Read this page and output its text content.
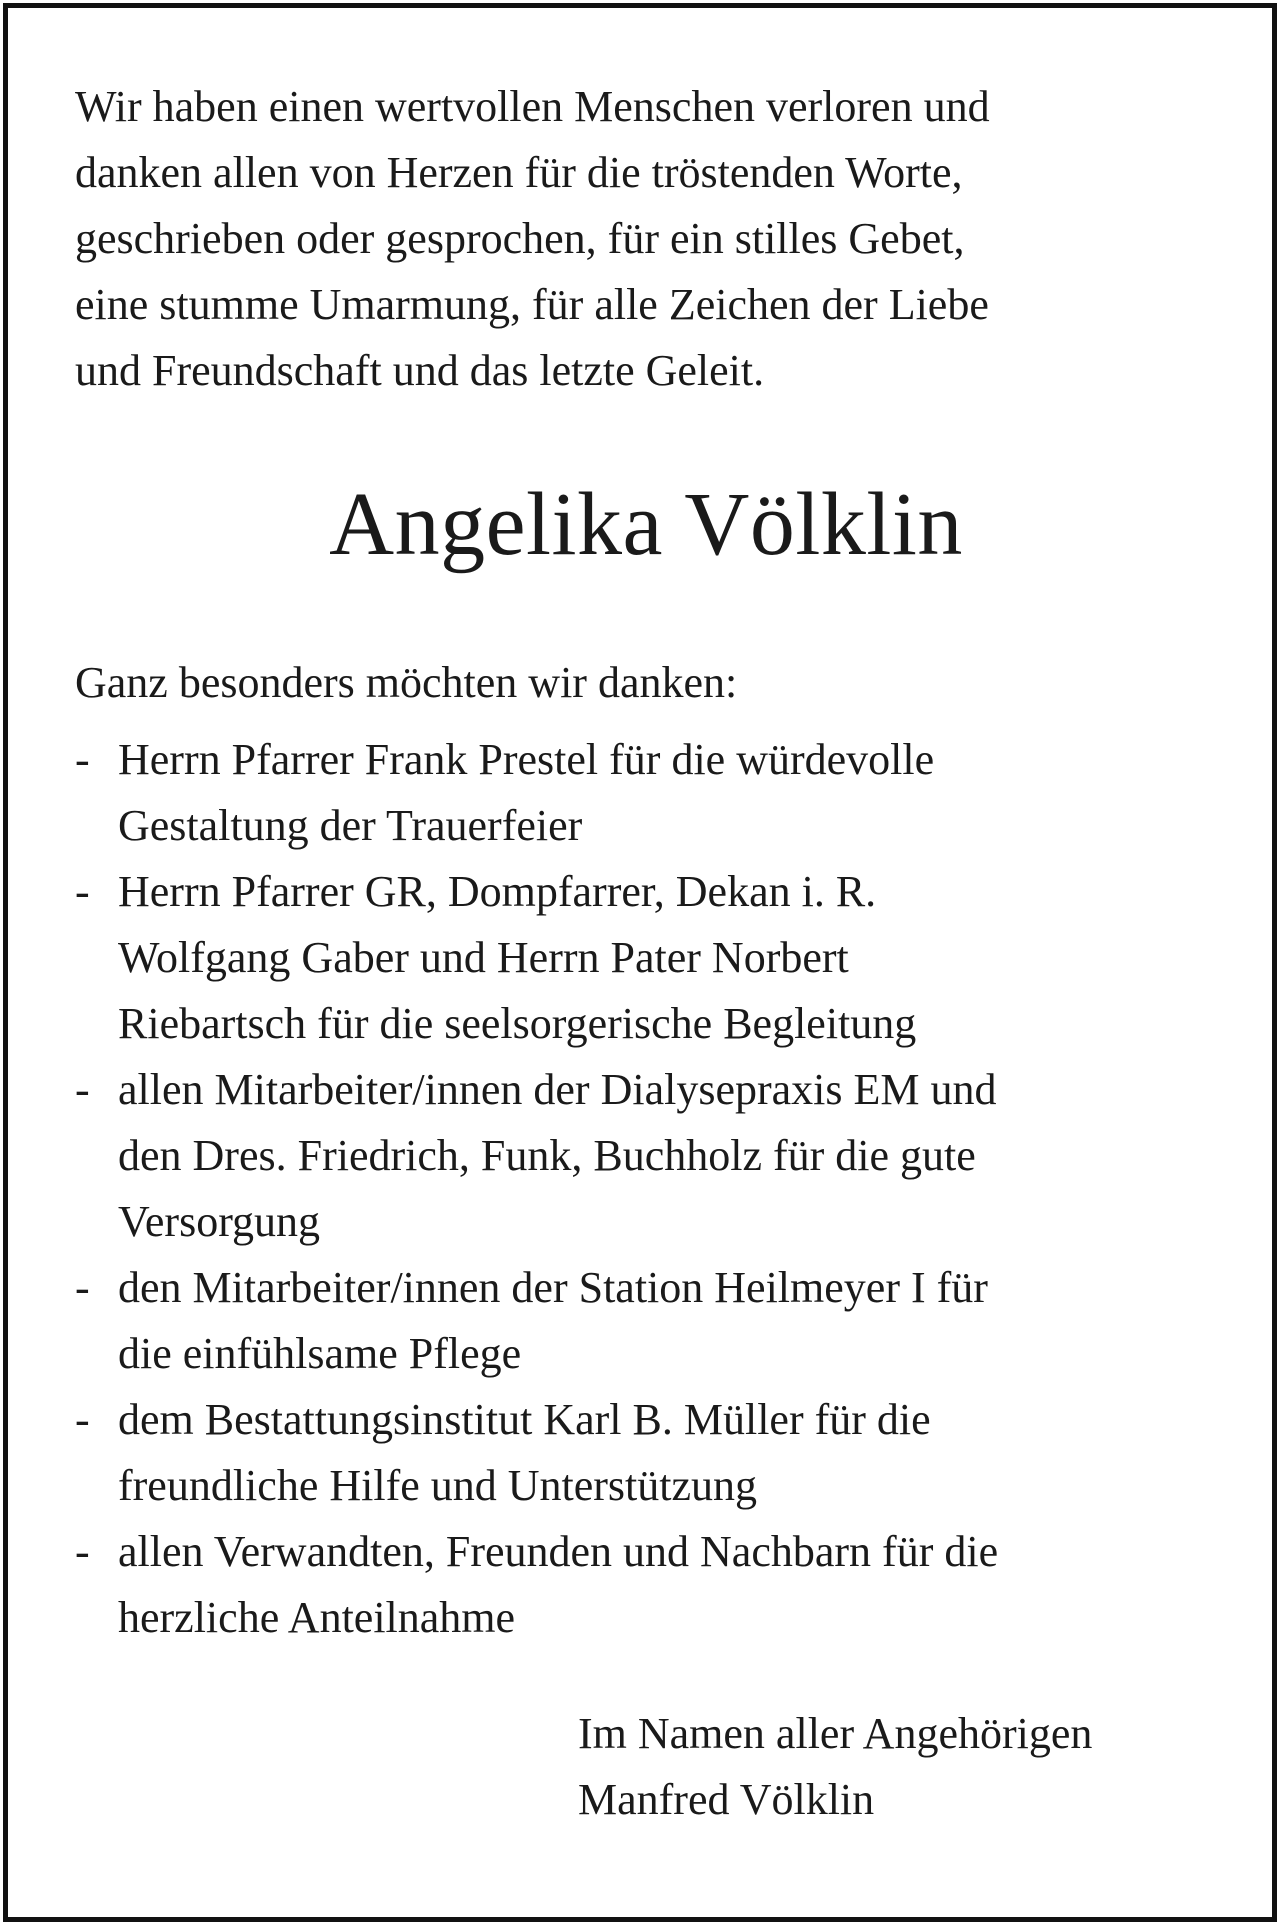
Wir haben einen wertvollen Menschen verloren und
danken allen von Herzen für die tröstenden Worte,
geschrieben oder gesprochen, für ein stilles Gebet,
eine stumme Umarmung, für alle Zeichen der Liebe
und Freundschaft und das letzte Geleit.

Angelika Völklin

Ganz besonders möchten wir danken:

- Herrn Pfarrer Frank Prestel für die würdevolle
Gestaltung der Trauerfeier
- Herrn Pfarrer GR, Dompfarrer, Dekan i. R.
Wolfgang Gaber und Herrn Pater Norbert
Riebartsch für die seelsorgerische Begleitung
- allen Mitarbeiter/innen der Dialysepraxis EM und
den Dres. Friedrich, Funk, Buchholz für die gute
Versorgung
- den Mitarbeiter/innen der Station Heilmeyer I für
die einfühlsame Pflege
- dem Bestattungsinstitut Karl B. Müller für die
freundliche Hilfe und Unterstützung
- allen Verwandten, Freunden und Nachbarn für die
herzliche Anteilnahme

Im Namen aller Angehörigen
Manfred Völklin
